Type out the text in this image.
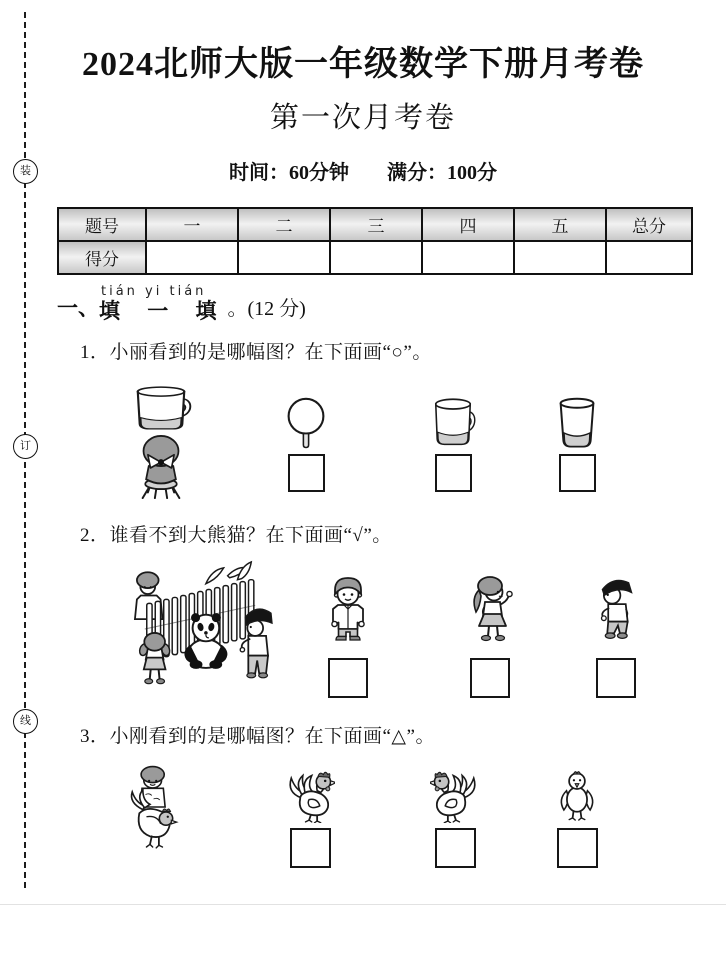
装
订
线
2024北师大版一年级数学下册月考卷
第一次月考卷
时间：60分钟 满分：100分
题号	一	二	三	四	五	总分
得分						
一、
tián yi tián
填 一 填 。(12 分)
1．小丽看到的是哪幅图？在下面画“○”。
2．谁看不到大熊猫？在下面画“√”。
3．小刚看到的是哪幅图？在下面画“△”。
